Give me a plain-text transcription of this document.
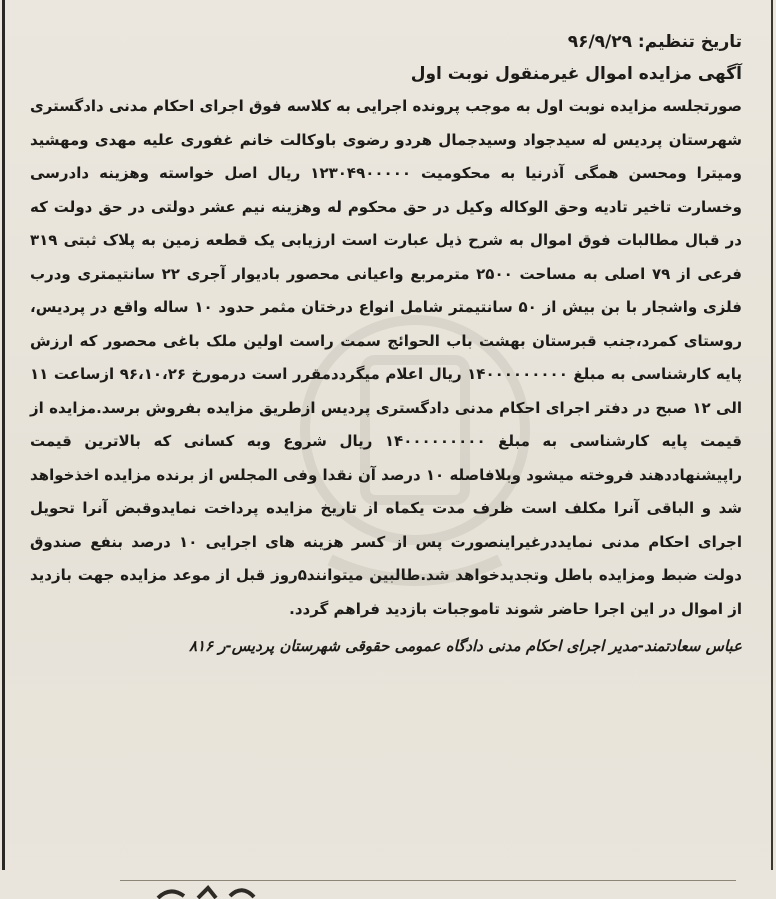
تاریخ تنظیم: ۹۶/۹/۲۹

آگهی مزایده اموال غیرمنقول نوبت اول

صورتجلسه مزایده نوبت اول به موجب پرونده اجرایی به کلاسه فوق اجرای احکام مدنی دادگستری شهرستان پردیس له سیدجواد وسیدجمال هردو رضوی باوکالت خانم غفوری علیه مهدی ومهشید ومیترا ومحسن همگی آذرنیا به محکومیت ۱۲۳۰۴۹۰۰۰۰۰ ریال اصل خواسته وهزینه دادرسی وخسارت تاخیر تادیه وحق الوکاله وکیل در حق محکوم له وهزینه نیم عشر دولتی در حق دولت که در قبال مطالبات فوق اموال به شرح ذیل عبارت است ارزیابی یک قطعه زمین به پلاک ثبتی ۳۱۹ فرعی از ۷۹ اصلی به مساحت ۲۵۰۰ مترمربع واعیانی محصور بادیوار آجری ۲۲ سانتیمتری ودرب فلزی واشجار با بن بیش از ۵۰ سانتیمتر شامل انواع درختان مثمر حدود ۱۰ ساله واقع در پردیس، روستای کمرد،جنب قبرستان بهشت باب الحوائج سمت راست اولین ملک باغی محصور که ارزش پایه کارشناسی به مبلغ ۱۴۰۰۰۰۰۰۰۰۰ ریال اعلام میگرددمقرر است درمورخ ۹۶،۱۰،۲۶ ازساعت ۱۱ الی ۱۲ صبح در دفتر اجرای احکام مدنی دادگستری پردیس ازطریق مزایده بفروش برسد.مزایده از قیمت پایه کارشناسی به مبلغ ۱۴۰۰۰۰۰۰۰۰۰ ریال شروع وبه کسانی که بالاترین قیمت راپیشنهاددهند فروخته میشود وبلافاصله ۱۰ درصد آن نقدا وفی المجلس از برنده مزایده اخذخواهد شد و الباقی آنرا مکلف است ظرف مدت یکماه از تاریخ مزایده پرداخت نمایدوقبض آنرا تحویل اجرای احکام مدنی نمایددرغیراینصورت پس از کسر هزینه های اجرایی ۱۰ درصد بنفع صندوق دولت ضبط ومزایده باطل وتجدیدخواهد شد.طالبین میتوانند۵روز قبل از موعد مزایده جهت بازدید از اموال در این اجرا حاضر شوند تاموجبات بازدید فراهم گردد.

عباس سعادتمند-مدیر اجرای احکام مدنی دادگاه عمومی حقوقی شهرستان پردیس-ر ۸۱۶
